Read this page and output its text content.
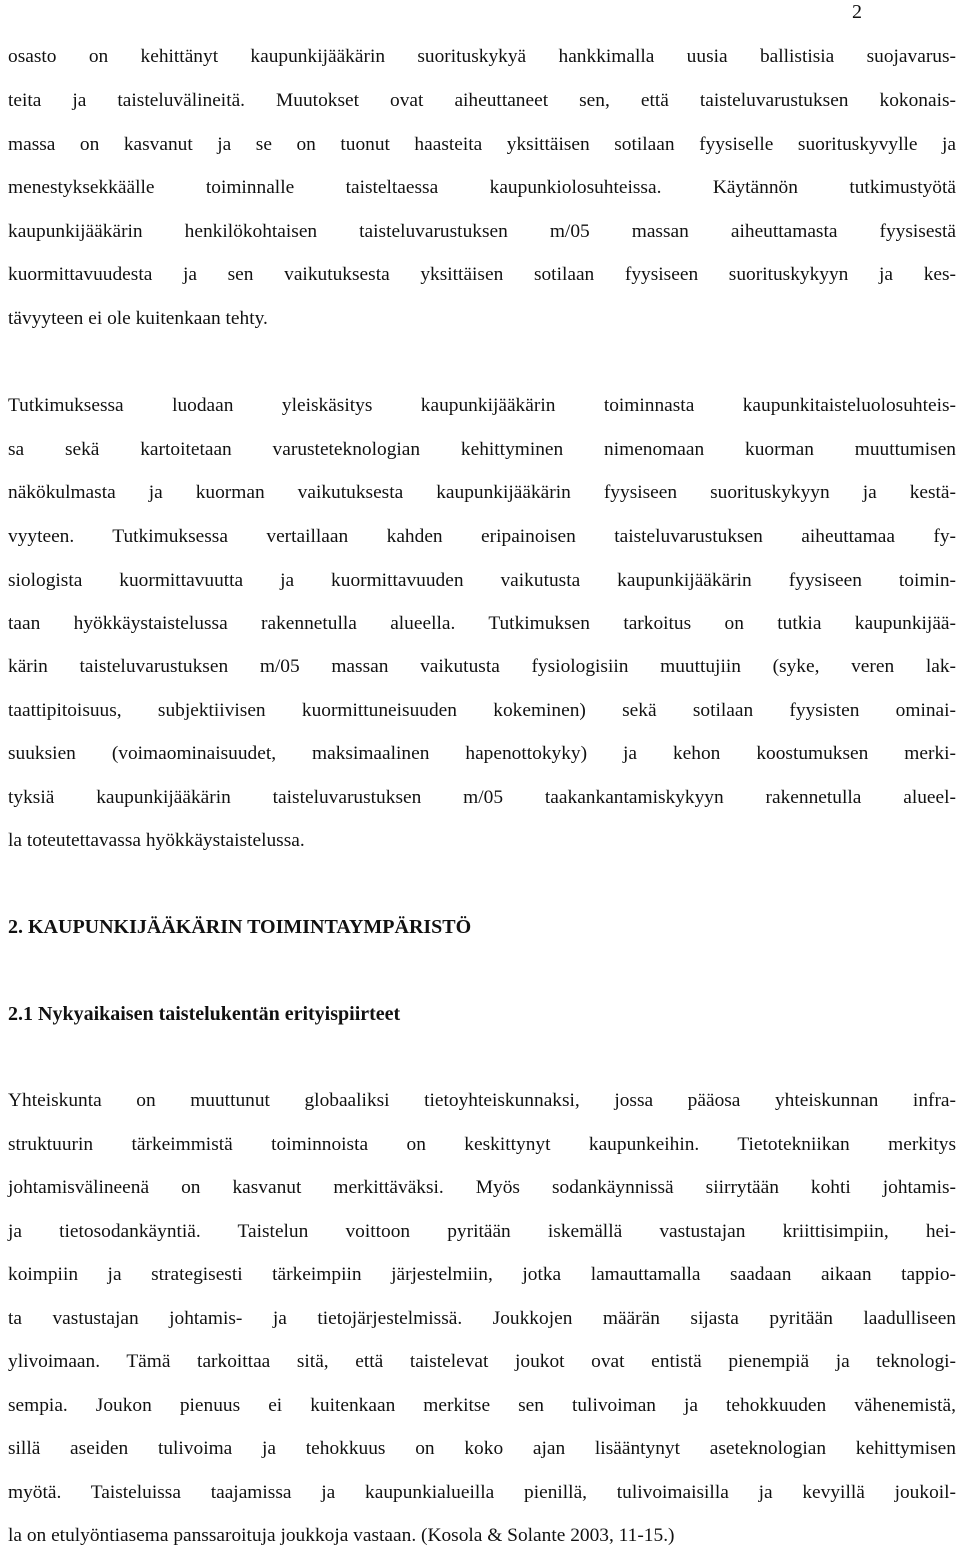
2
osasto on kehittänyt kaupunkijääkärin suorituskykyä hankkimalla uusia ballistisia suojavarus-
teita ja taisteluvälineitä. Muutokset ovat aiheuttaneet sen, että taisteluvarustuksen kokonais-
massa on kasvanut ja se on tuonut haasteita yksittäisen sotilaan fyysiselle suorituskyvylle ja
menestyksekkäälle toiminnalle taisteltaessa kaupunkiolosuhteissa. Käytännön tutkimustyötä
kaupunkijääkärin henkilökohtaisen taisteluvarustuksen m/05 massan aiheuttamasta fyysisestä
kuormittavuudesta ja sen vaikutuksesta yksittäisen sotilaan fyysiseen suorituskykyyn ja kes-
tävyyteen ei ole kuitenkaan tehty.
Tutkimuksessa luodaan yleiskäsitys kaupunkijääkärin toiminnasta kaupunkitaisteluolosuhteis-
sa sekä kartoitetaan varusteteknologian kehittyminen nimenomaan kuorman muuttumisen
näkökulmasta ja kuorman vaikutuksesta kaupunkijääkärin fyysiseen suorituskykyyn ja kestä-
vyyteen. Tutkimuksessa vertaillaan kahden eripainoisen taisteluvarustuksen aiheuttamaa fy-
siologista kuormittavuutta ja kuormittavuuden vaikutusta kaupunkijääkärin fyysiseen toimin-
taan hyökkäystaistelussa rakennetulla alueella. Tutkimuksen tarkoitus on tutkia kaupunkijää-
kärin taisteluvarustuksen m/05 massan vaikutusta fysiologisiin muuttujiin (syke, veren lak-
taattipitoisuus, subjektiivisen kuormittuneisuuden kokeminen) sekä sotilaan fyysisten ominai-
suuksien (voimaominaisuudet, maksimaalinen hapenottokyky) ja kehon koostumuksen merki-
tyksiä kaupunkijääkärin taisteluvarustuksen m/05 taakankantamiskykyyn rakennetulla alueel-
la toteutettavassa hyökkäystaistelussa.
2. KAUPUNKIJÄÄKÄRIN TOIMINTAYMPÄRISTÖ
2.1 Nykyaikaisen taistelukentän erityispiirteet
Yhteiskunta on muuttunut globaaliksi tietoyhteiskunnaksi, jossa pääosa yhteiskunnan infra-
struktuurin tärkeimmistä toiminnoista on keskittynyt kaupunkeihin. Tietotekniikan merkitys
johtamisvälineenä on kasvanut merkittäväksi. Myös sodankäynnissä siirrytään kohti johtamis-
ja tietosodankäyntiä. Taistelun voittoon pyritään iskemällä vastustajan kriittisimpiin, hei-
koimpiin ja strategisesti tärkeimpiin järjestelmiin, jotka lamauttamalla saadaan aikaan tappio-
ta vastustajan johtamis- ja tietojärjestelmissä. Joukkojen määrän sijasta pyritään laadulliseen
ylivoimaan. Tämä tarkoittaa sitä, että taistelevat joukot ovat entistä pienempiä ja teknologi-
sempia. Joukon pienuus ei kuitenkaan merkitse sen tulivoiman ja tehokkuuden vähenemistä,
sillä aseiden tulivoima ja tehokkuus on koko ajan lisääntynyt aseteknologian kehittymisen
myötä. Taisteluissa taajamissa ja kaupunkialueilla pienillä, tulivoimaisilla ja kevyillä joukoil-
la on etulyöntiasema panssaroituja joukkoja vastaan. (Kosola & Solante 2003, 11-15.)
